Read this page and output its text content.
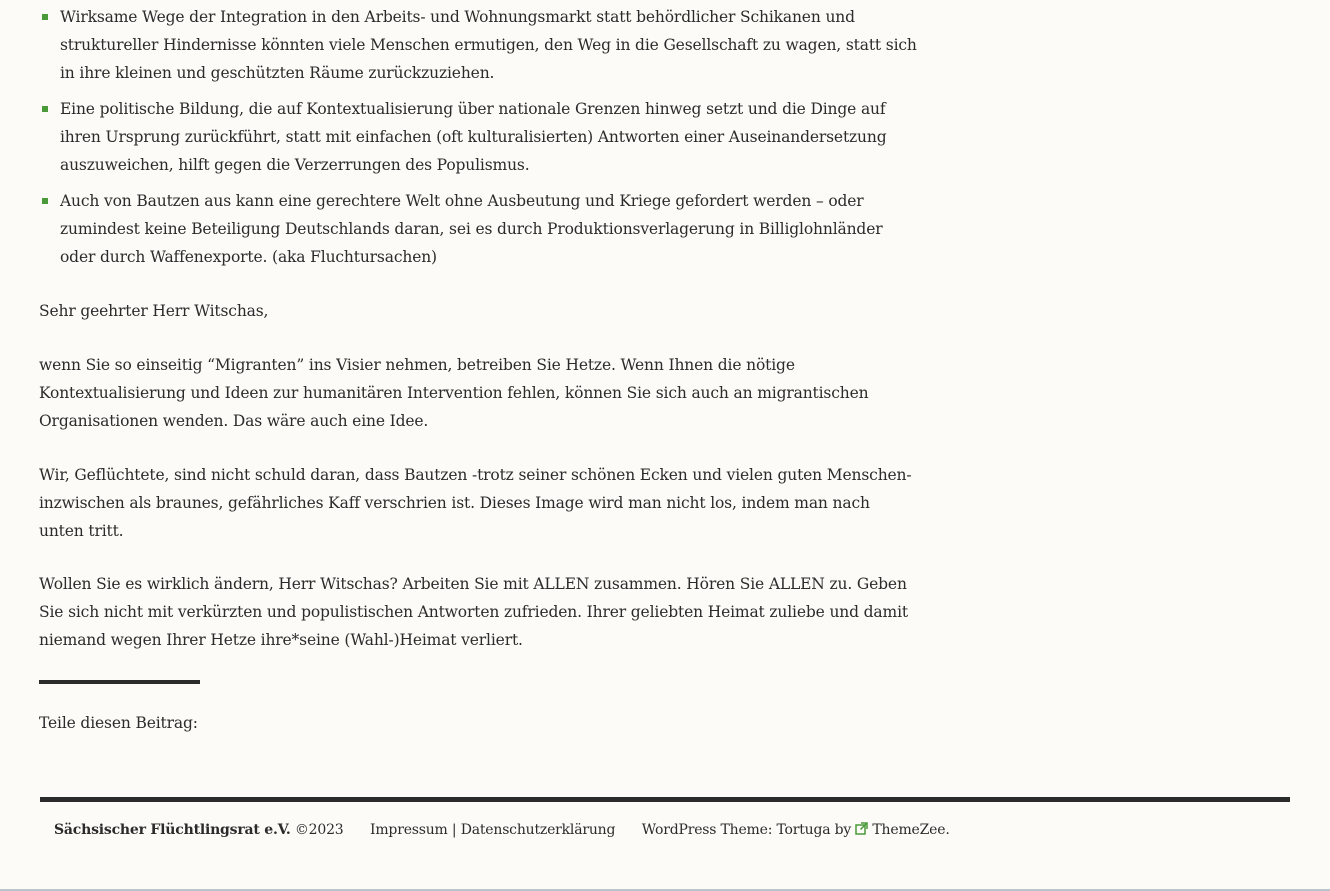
Wirksame Wege der Integration in den Arbeits- und Wohnungsmarkt statt behördlicher Schikanen und struktureller Hindernisse könnten viele Menschen ermutigen, den Weg in die Gesellschaft zu wagen, statt sich in ihre kleinen und geschützten Räume zurückzuziehen.
Eine politische Bildung, die auf Kontextualisierung über nationale Grenzen hinweg setzt und die Dinge auf ihren Ursprung zurückführt, statt mit einfachen (oft kulturalisierten) Antworten einer Auseinandersetzung auszuweichen, hilft gegen die Verzerrungen des Populismus.
Auch von Bautzen aus kann eine gerechtere Welt ohne Ausbeutung und Kriege gefordert werden – oder zumindest keine Beteiligung Deutschlands daran, sei es durch Produktionsverlagerung in Billiglohnländer oder durch Waffenexporte. (aka Fluchtursachen)

Sehr geehrter Herr Witschas,

wenn Sie so einseitig “Migranten” ins Visier nehmen, betreiben Sie Hetze. Wenn Ihnen die nötige Kontextualisierung und Ideen zur humanitären Intervention fehlen, können Sie sich auch an migrantischen Organisationen wenden. Das wäre auch eine Idee.

Wir, Geflüchtete, sind nicht schuld daran, dass Bautzen -trotz seiner schönen Ecken und vielen guten Menschen- inzwischen als braunes, gefährliches Kaff verschrien ist. Dieses Image wird man nicht los, indem man nach unten tritt.

Wollen Sie es wirklich ändern, Herr Witschas? Arbeiten Sie mit ALLEN zusammen. Hören Sie ALLEN zu. Geben Sie sich nicht mit verkürzten und populistischen Antworten zufrieden. Ihrer geliebten Heimat zuliebe und damit niemand wegen Ihrer Hetze ihre*seine (Wahl-)Heimat verliert.

Teile diesen Beitrag:
Sächsischer Flüchtlingsrat e.V. ©2023 Impressum | Datenschutzerklärung WordPress Theme: Tortuga by ThemeZee.
